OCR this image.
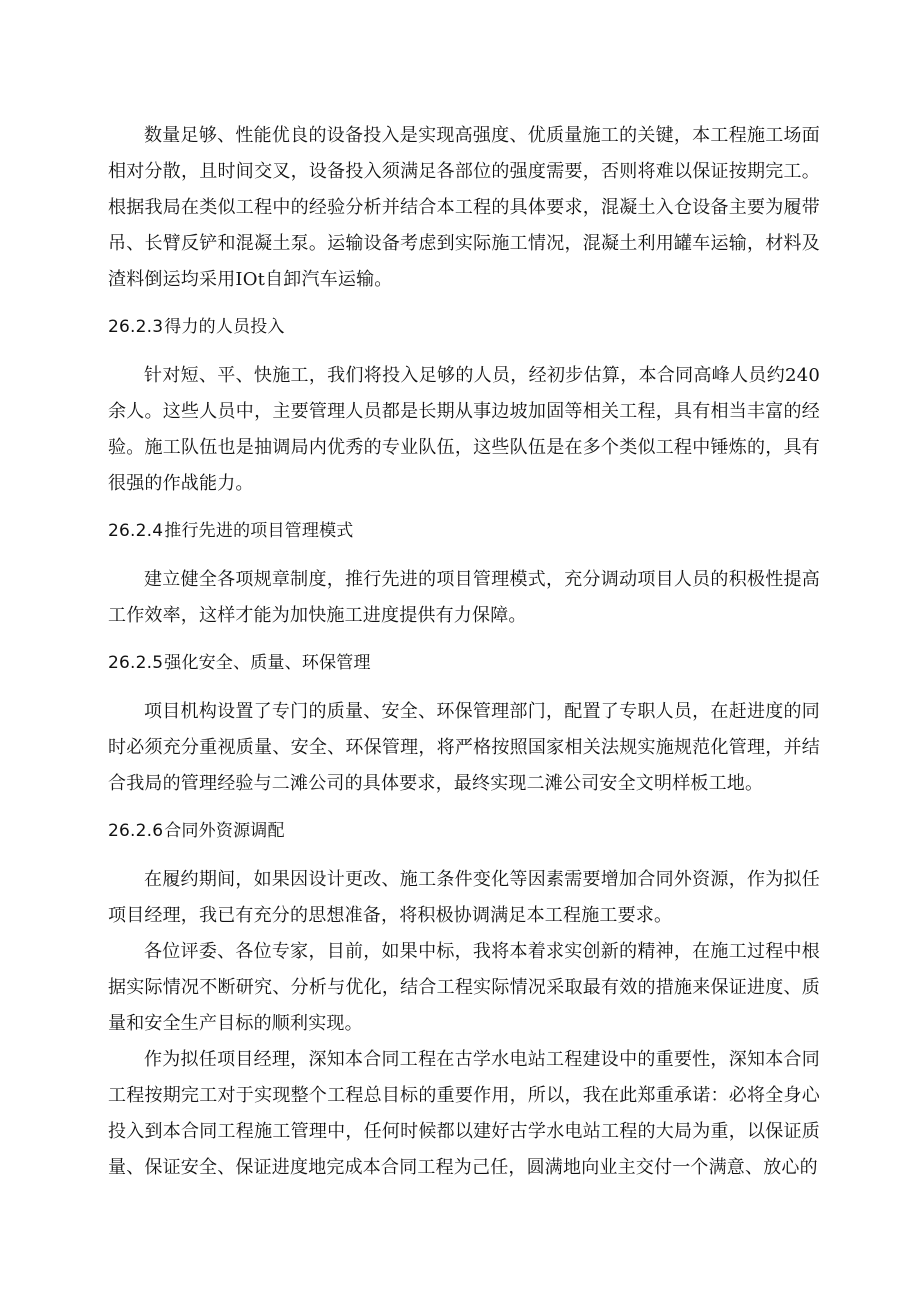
数量足够、性能优良的设备投入是实现高强度、优质量施工的关键，本工程施工场面相对分散，且时间交叉，设备投入须满足各部位的强度需要，否则将难以保证按期完工。根据我局在类似工程中的经验分析并结合本工程的具体要求，混凝土入仓设备主要为履带吊、长臂反铲和混凝土泵。运输设备考虑到实际施工情况，混凝土利用罐车运输，材料及渣料倒运均采用IOt自卸汽车运输。

26.2.3得力的人员投入

针对短、平、快施工，我们将投入足够的人员，经初步估算，本合同高峰人员约240余人。这些人员中，主要管理人员都是长期从事边坡加固等相关工程，具有相当丰富的经验。施工队伍也是抽调局内优秀的专业队伍，这些队伍是在多个类似工程中锤炼的，具有很强的作战能力。

26.2.4推行先进的项目管理模式

建立健全各项规章制度，推行先进的项目管理模式，充分调动项目人员的积极性提高工作效率，这样才能为加快施工进度提供有力保障。

26.2.5强化安全、质量、环保管理

项目机构设置了专门的质量、安全、环保管理部门，配置了专职人员，在赶进度的同时必须充分重视质量、安全、环保管理，将严格按照国家相关法规实施规范化管理，并结合我局的管理经验与二滩公司的具体要求，最终实现二滩公司安全文明样板工地。

26.2.6合同外资源调配

在履约期间，如果因设计更改、施工条件变化等因素需要增加合同外资源，作为拟任项目经理，我已有充分的思想准备，将积极协调满足本工程施工要求。

各位评委、各位专家，目前，如果中标，我将本着求实创新的精神，在施工过程中根据实际情况不断研究、分析与优化，结合工程实际情况采取最有效的措施来保证进度、质量和安全生产目标的顺利实现。

作为拟任项目经理，深知本合同工程在古学水电站工程建设中的重要性，深知本合同工程按期完工对于实现整个工程总目标的重要作用，所以，我在此郑重承诺：必将全身心投入到本合同工程施工管理中，任何时候都以建好古学水电站工程的大局为重，以保证质量、保证安全、保证进度地完成本合同工程为己任，圆满地向业主交付一个满意、放心的
